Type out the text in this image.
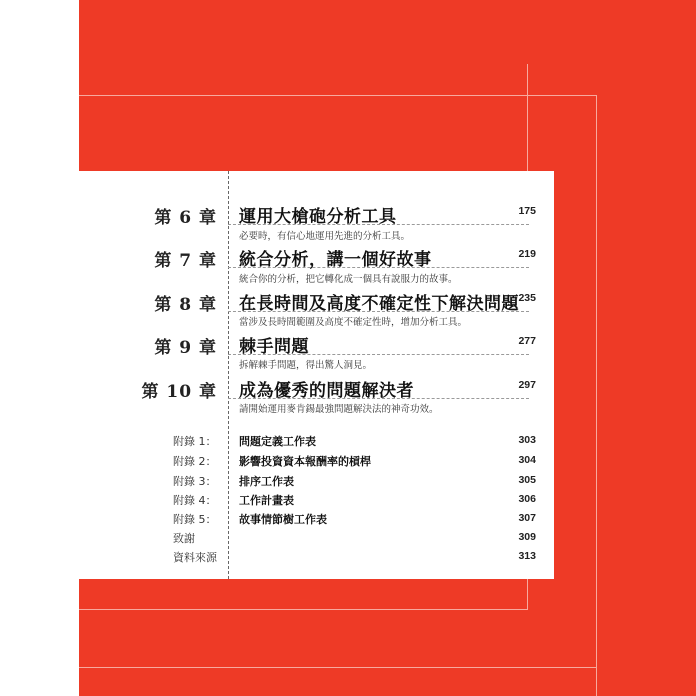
第 6 章 運用大槍砲分析工具	175
必要時，有信心地運用先進的分析工具。
第 7 章 統合分析，講一個好故事	219
統合你的分析，把它轉化成一個具有說服力的故事。
第 8 章 在長時間及高度不確定性下解決問題 235
當涉及長時間範圍及高度不確定性時，增加分析工具。
第 9 章 棘手問題	277
拆解棘手問題，得出驚人洞見。
第 10 章 成為優秀的問題解決者	297
請開始運用麥肯錫最強問題解決法的神奇功效。
附錄 1： 問題定義工作表	303
附錄 2： 影響投資資本報酬率的槓桿	304
附錄 3： 排序工作表	305
附錄 4： 工作計畫表	306
附錄 5： 故事情節樹工作表	307
致謝	309
資料來源	313
